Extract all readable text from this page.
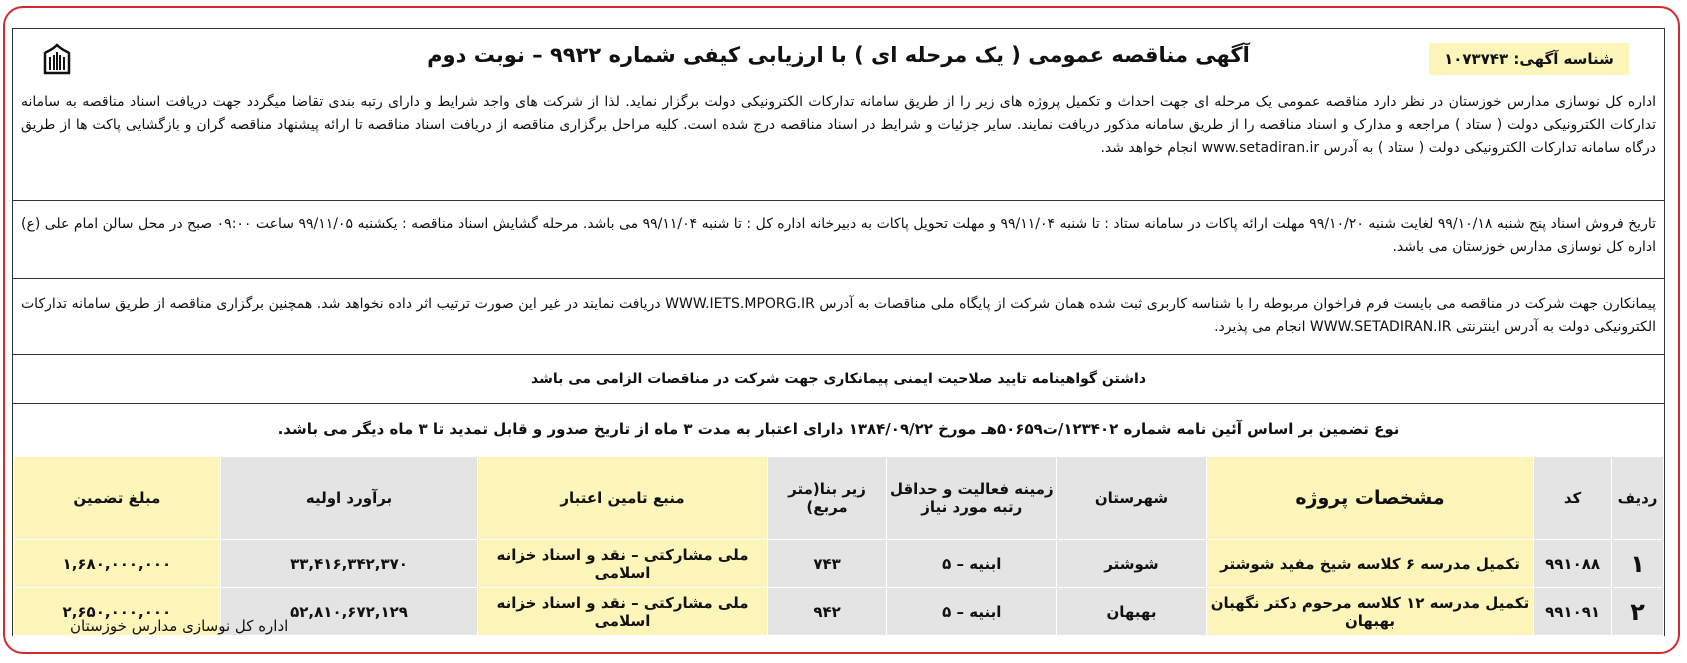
شناسه آگهی: ۱۰۷۳۷۴۳
آگهی مناقصه عمومی ( یک مرحله ای ) با ارزیابی کیفی شماره ۹۹۲۲ – نوبت دوم
اداره کل نوسازی مدارس خوزستان در نظر دارد مناقصه عمومی یک مرحله ای جهت احداث و تکمیل پروژه های زیر را از طریق سامانه تدارکات الکترونیکی دولت برگزار نماید. لذا از شرکت های واجد شرایط و دارای رتبه بندی تقاضا میگردد جهت دریافت اسناد مناقصه به سامانه تدارکات الکترونیکی دولت ( ستاد ) مراجعه و مدارک و اسناد مناقصه را از طریق سامانه مذکور دریافت نمایند. سایر جزئیات و شرایط در اسناد مناقصه درج شده است. کلیه مراحل برگزاری مناقصه از دریافت اسناد مناقصه تا ارائه پیشنهاد مناقصه گران و بازگشایی پاکت ها از طریق درگاه سامانه تدارکات الکترونیکی دولت ( ستاد ) به آدرس www.setadiran.ir انجام خواهد شد.
تاریخ فروش اسناد پنج شنبه ۹۹/۱۰/۱۸ لغایت شنبه ۹۹/۱۰/۲۰ مهلت ارائه پاکات در سامانه ستاد : تا شنبه ۹۹/۱۱/۰۴ و مهلت تحویل پاکات به دبیرخانه اداره کل : تا شنبه ۹۹/۱۱/۰۴ می باشد. مرحله گشایش اسناد مناقصه : یکشنبه ۹۹/۱۱/۰۵ ساعت ۰۹:۰۰ صبح در محل سالن امام علی (ع) اداره کل نوسازی مدارس خوزستان می باشد.
پیمانکارن جهت شرکت در مناقصه می بایست فرم فراخوان مربوطه را با شناسه کاربری ثبت شده همان شرکت از پایگاه ملی مناقصات به آدرس WWW.IETS.MPORG.IR دریافت نمایند در غیر این صورت ترتیب اثر داده نخواهد شد. همچنین برگزاری مناقصه از طریق سامانه تدارکات الکترونیکی دولت به آدرس اینترنتی WWW.SETADIRAN.IR انجام می پذیرد.
داشتن گواهینامه تایید صلاحیت ایمنی پیمانکاری جهت شرکت در مناقصات الزامی می باشد
نوع تضمین بر اساس آئین نامه شماره ۱۲۳۴۰۲/ت۵۰۶۵۹هـ مورخ ۱۳۸۴/۰۹/۲۲ دارای اعتبار به مدت ۳ ماه از تاریخ صدور و قابل تمدید تا ۳ ماه دیگر می باشد.
ردیف	کد	مشخصات پروژه	شهرستان	زمینه فعالیت و حداقل رتبه مورد نیاز	زیر بنا(متر مربع)	منبع تامین اعتبار	برآورد اولیه	مبلغ تضمین
۱	۹۹۱۰۸۸	تکمیل مدرسه ۶ کلاسه شیخ مفید شوشتر	شوشتر	ابنیه – ۵	۷۴۳	ملی مشارکتی – نقد و اسناد خزانه اسلامی	۳۳,۴۱۶,۳۴۲,۳۷۰	۱,۶۸۰,۰۰۰,۰۰۰
۲	۹۹۱۰۹۱	تکمیل مدرسه ۱۲ کلاسه مرحوم دکتر نگهبان بهبهان	بهبهان	ابنیه – ۵	۹۴۲	ملی مشارکتی – نقد و اسناد خزانه اسلامی	۵۲,۸۱۰,۶۷۲,۱۲۹	۲,۶۵۰,۰۰۰,۰۰۰
اداره کل نوسازی مدارس خوزستان
